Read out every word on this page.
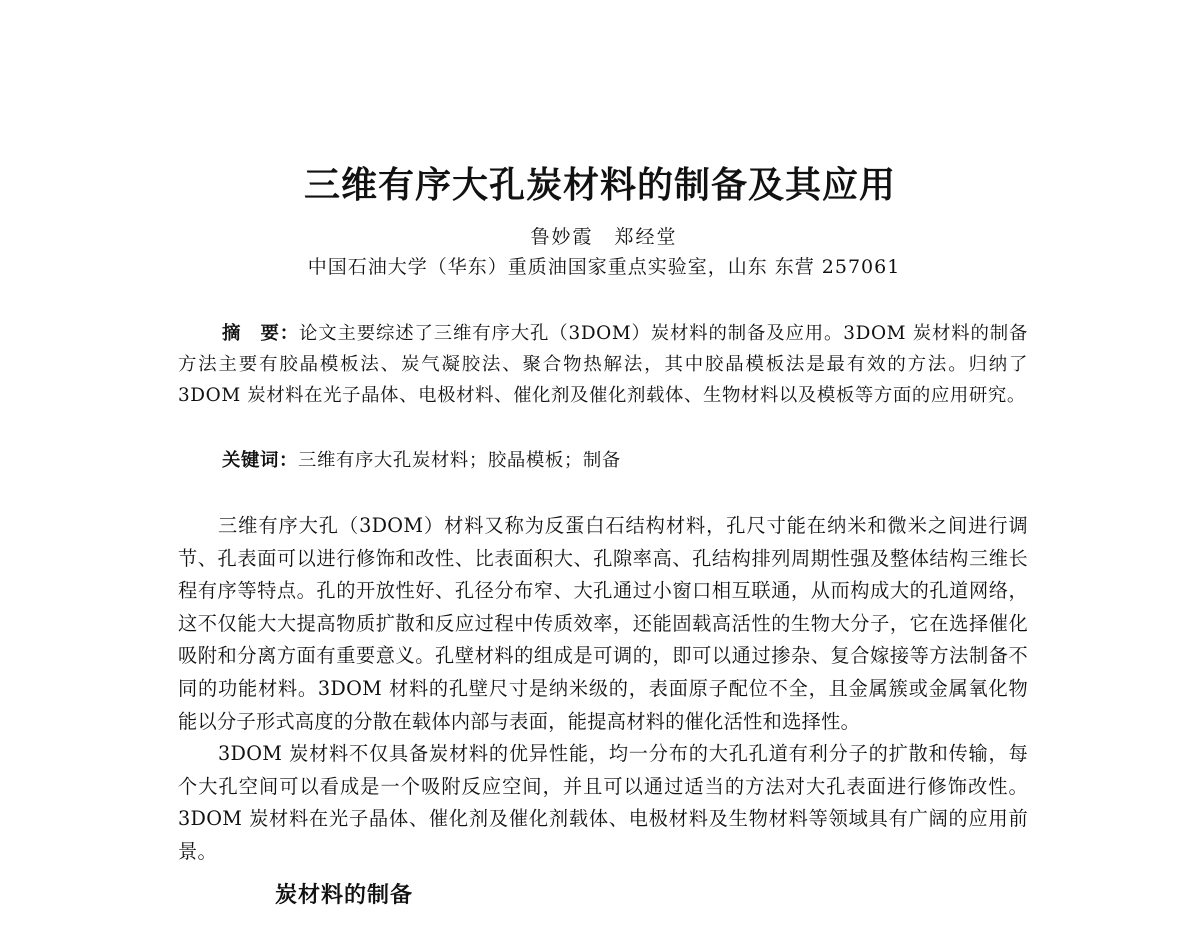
三维有序大孔炭材料的制备及其应用
鲁妙霞　郑经堂
中国石油大学（华东）重质油国家重点实验室，山东 东营 257061
摘　要：论文主要综述了三维有序大孔（3DOM）炭材料的制备及应用。3DOM 炭材料的制备方法主要有胶晶模板法、炭气凝胶法、聚合物热解法，其中胶晶模板法是最有效的方法。归纳了 3DOM 炭材料在光子晶体、电极材料、催化剂及催化剂载体、生物材料以及模板等方面的应用研究。
关键词：三维有序大孔炭材料；胶晶模板；制备

三维有序大孔（3DOM）材料又称为反蛋白石结构材料，孔尺寸能在纳米和微米之间进行调节、孔表面可以进行修饰和改性、比表面积大、孔隙率高、孔结构排列周期性强及整体结构三维长程有序等特点。孔的开放性好、孔径分布窄、大孔通过小窗口相互联通，从而构成大的孔道网络，这不仅能大大提高物质扩散和反应过程中传质效率，还能固载高活性的生物大分子，它在选择催化吸附和分离方面有重要意义。孔壁材料的组成是可调的，即可以通过掺杂、复合嫁接等方法制备不同的功能材料。3DOM 材料的孔壁尺寸是纳米级的，表面原子配位不全，且金属簇或金属氧化物能以分子形式高度的分散在载体内部与表面，能提高材料的催化活性和选择性。

3DOM 炭材料不仅具备炭材料的优异性能，均一分布的大孔孔道有利分子的扩散和传输，每个大孔空间可以看成是一个吸附反应空间，并且可以通过适当的方法对大孔表面进行修饰改性。3DOM 炭材料在光子晶体、催化剂及催化剂载体、电极材料及生物材料等领域具有广阔的应用前景。

炭材料的制备
